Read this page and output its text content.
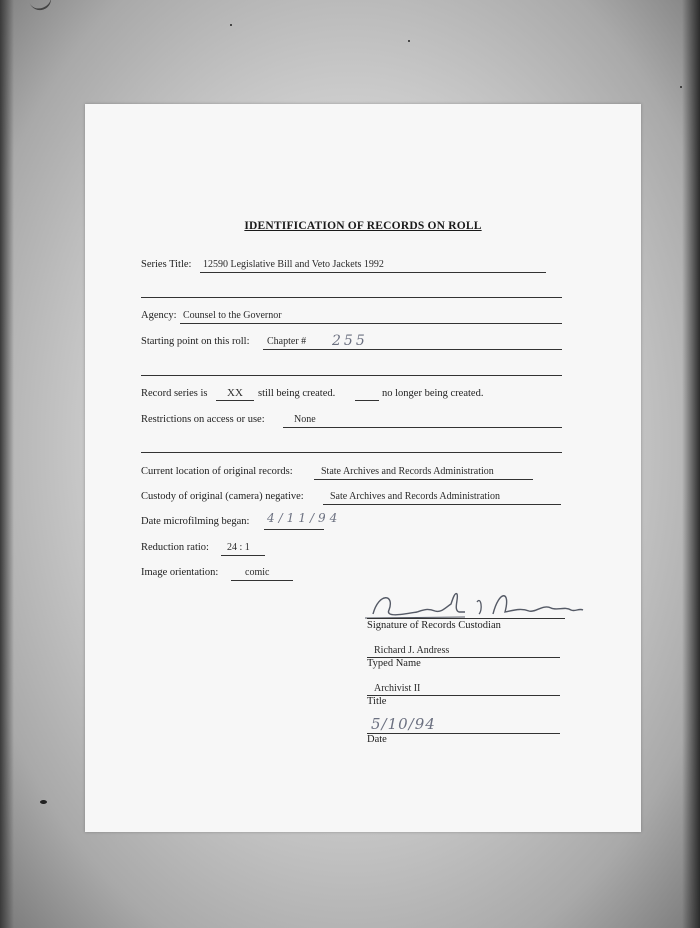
IDENTIFICATION OF RECORDS ON ROLL
Series Title: 12590 Legislative Bill and Veto Jackets 1992
Agency: Counsel to the Governor
Starting point on this roll: Chapter # 255
Record series is XX still being created.	no longer being created.
Restrictions on access or use:	None
Current location of original records:	State Archives and Records Administration
Custody of original (camera) negative:	Sate Archives and Records Administration
Date microfilming began: 4/11/94
Reduction ratio: 24 : 1
Image orientation:	comic
Signature of Records Custodian
Richard J. Andress
Typed Name
Archivist II
Title
5/10/94
Date
